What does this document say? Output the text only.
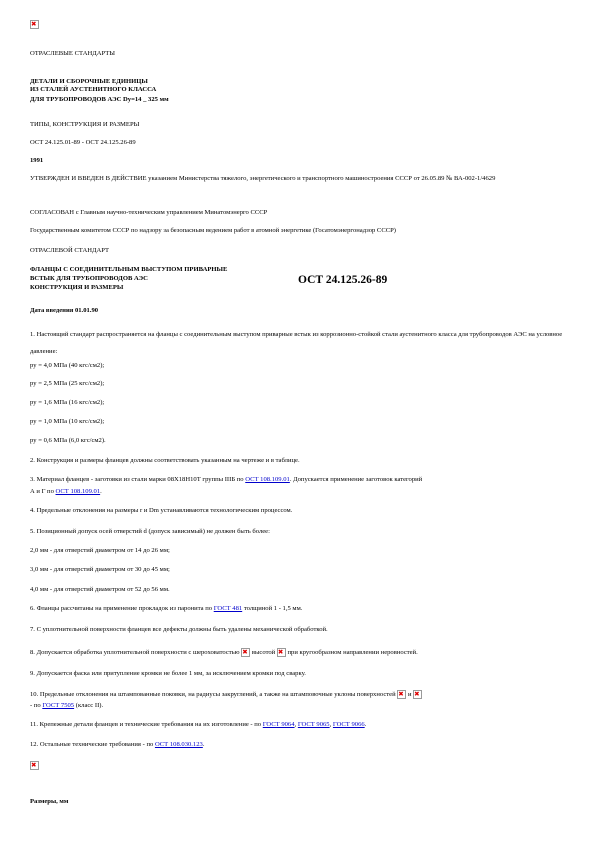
✖
ОТРАСЛЕВЫЕ СТАНДАРТЫ
ДЕТАЛИ И СБОРОЧНЫЕ ЕДИНИЦЫ
ИЗ СТАЛЕЙ АУСТЕНИТНОГО КЛАССА
ДЛЯ ТРУБОПРОВОДОВ АЭС Dy=14 _ 325 мм
ТИПЫ, КОНСТРУКЦИЯ И РАЗМЕРЫ
ОСТ 24.125.01-89 - ОСТ 24.125.26-89
1991
УТВЕРЖДЕН И ВВЕДЕН В ДЕЙСТВИЕ указанием Министерства тяжелого, энергетического и транспортного машиностроения СССР от 26.05.89 № ВА-002-1/4629
СОГЛАСОВАН с Главным научно-техническим управлением Минатомэнерго СССР
Государственным комитетом СССР по надзору за безопасным ведением работ в атомной энергетике (Госатомэнергонадзор СССР)
ОТРАСЛЕВОЙ СТАНДАРТ
ФЛАНЦЫ С СОЕДИНИТЕЛЬНЫМ ВЫСТУПОМ ПРИВАРНЫЕ
ВСТЫК ДЛЯ ТРУБОПРОВОДОВ АЭС
КОНСТРУКЦИЯ И РАЗМЕРЫ
ОСТ 24.125.26-89
Дата введения 01.01.90
1. Настоящий стандарт распространяется на фланцы с соединительным выступом приварные встык из коррозионно-стойкой стали аустенитного класса для трубопроводов АЭС на условное давление:
py = 4,0 МПа (40 кгс/см2);
py = 2,5 МПа (25 кгс/см2);
py = 1,6 МПа (16 кгс/см2);
py = 1,0 МПа (10 кгс/см2);
py = 0,6 МПа (6,0 кгс/см2).
2. Конструкция и размеры фланцев должны соответствовать указанным на чертеже и в таблице.
3. Материал фланцев - заготовки из стали марки 08Х18Н10Т группы IIIБ по ОСТ 108.109.01. Допускается применение заготовок категорий
А и Г по ОСТ 108.109.01.
4. Предельные отклонения на размеры r и Dm устанавливаются технологическим процессом.
5. Позиционный допуск осей отверстий d (допуск зависимый) не должен быть более:
2,0 мм - для отверстий диаметром от 14 до 26 мм;
3,0 мм - для отверстий диаметром от 30 до 45 мм;
4,0 мм - для отверстий диаметром от 52 до 56 мм.
6. Фланцы рассчитаны на применение прокладок из паронита по ГОСТ 481 толщиной 1 - 1,5 мм.
7. С уплотнительной поверхности фланцев все дефекты должны быть удалены механической обработкой.
8. Допускается обработка уплотнительной поверхности с шероховатостью ✖ высотой ✖ при кругообразном направлении неровностей.
9. Допускается фаска или притупление кромки не более 1 мм, за исключением кромки под сварку.
10. Предельные отклонения на штампованные поковки, на радиусы закруглений, а также на штамповочные уклоны поверхностей ✖ и ✖
- по ГОСТ 7505 (класс II).
11. Крепежные детали фланцев и технические требования на их изготовление - по ГОСТ 9064, ГОСТ 9065, ГОСТ 9066.
12. Остальные технические требования - по ОСТ 108.030.123.
Размеры, мм
✖
